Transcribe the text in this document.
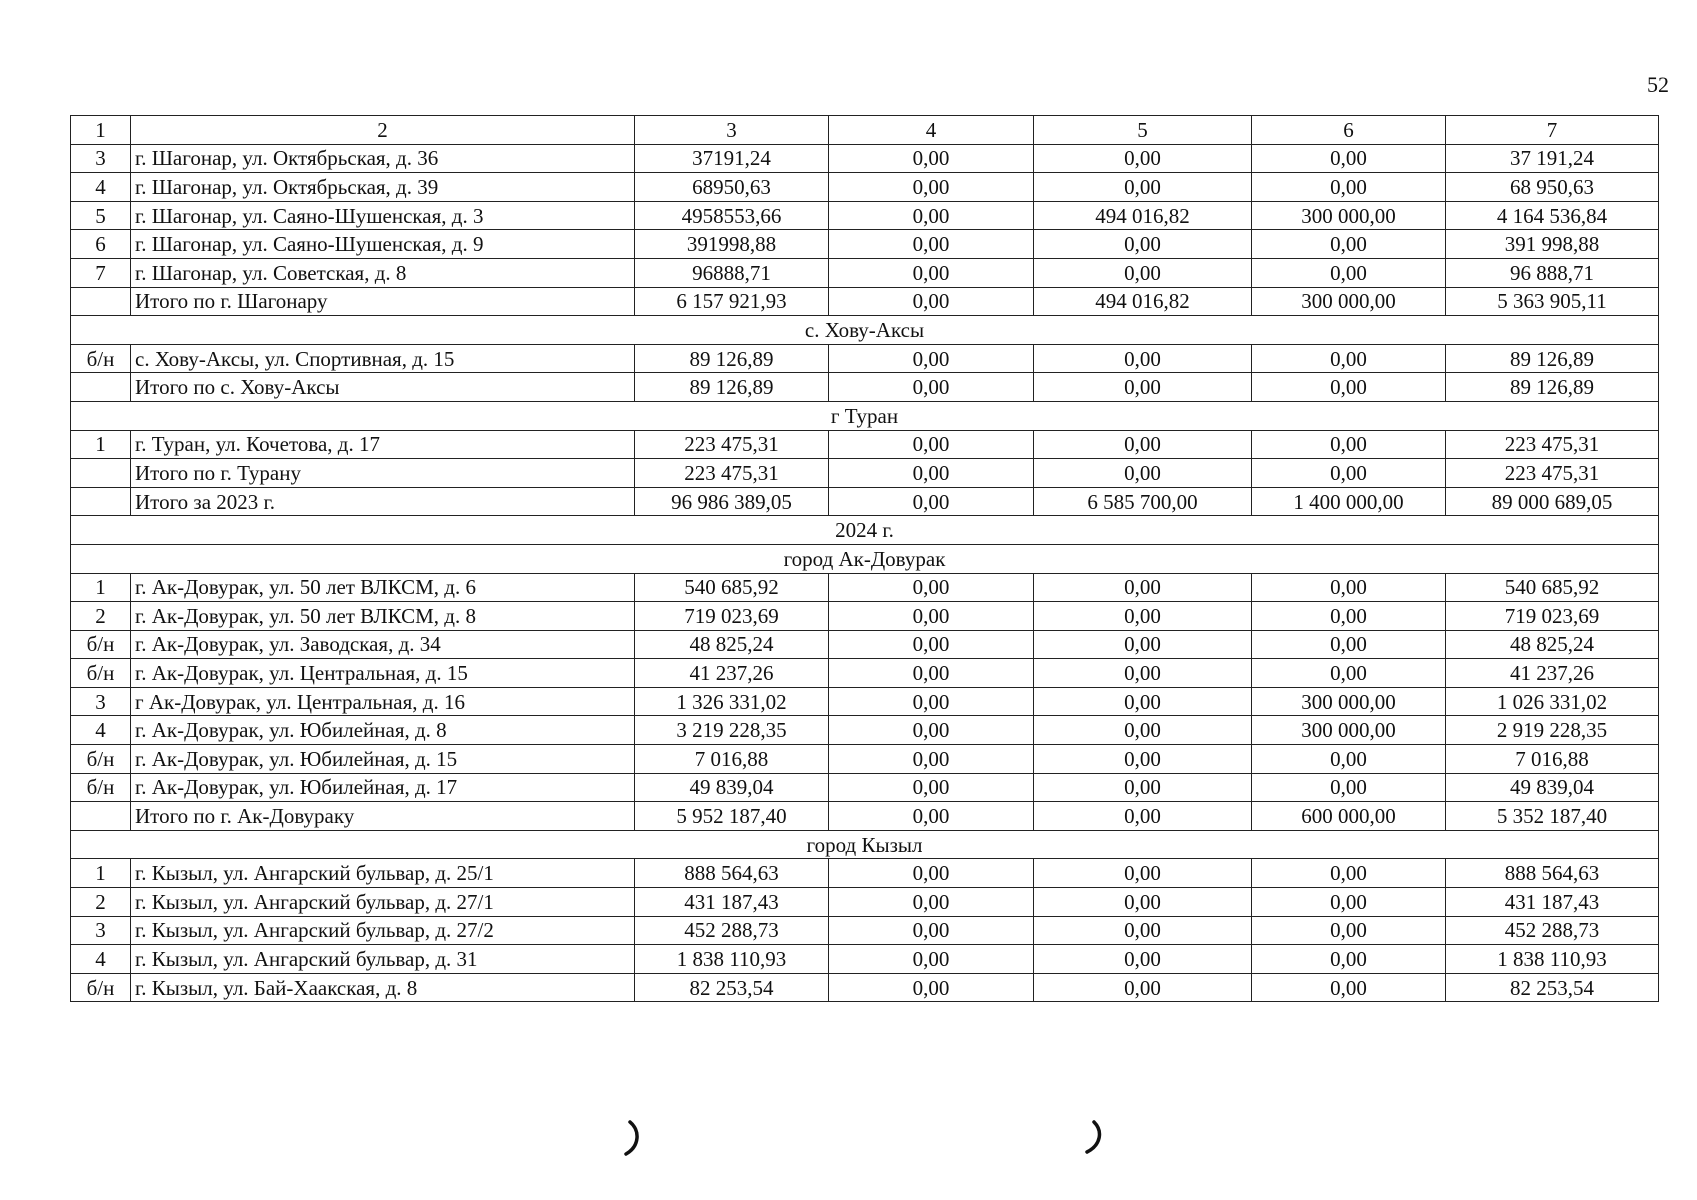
52
1	2	3	4	5	6	7
3	г. Шагонар, ул. Октябрьская, д. 36	37191,24	0,00	0,00	0,00	37 191,24
4	г. Шагонар, ул. Октябрьская, д. 39	68950,63	0,00	0,00	0,00	68 950,63
5	г. Шагонар, ул. Саяно-Шушенская, д. 3	4958553,66	0,00	494 016,82	300 000,00	4 164 536,84
6	г. Шагонар, ул. Саяно-Шушенская, д. 9	391998,88	0,00	0,00	0,00	391 998,88
7	г. Шагонар, ул. Советская, д. 8	96888,71	0,00	0,00	0,00	96 888,71
	Итого по г. Шагонару	6 157 921,93	0,00	494 016,82	300 000,00	5 363 905,11
с. Хову-Аксы						
б/н	с. Хову-Аксы, ул. Спортивная, д. 15	89 126,89	0,00	0,00	0,00	89 126,89
	Итого по с. Хову-Аксы	89 126,89	0,00	0,00	0,00	89 126,89
г Туран						
1	г. Туран, ул. Кочетова, д. 17	223 475,31	0,00	0,00	0,00	223 475,31
	Итого по г. Турану	223 475,31	0,00	0,00	0,00	223 475,31
	Итого за 2023 г.	96 986 389,05	0,00	6 585 700,00	1 400 000,00	89 000 689,05
2024 г.						
город Ак-Довурак						
1	г. Ак-Довурак, ул. 50 лет ВЛКСМ, д. 6	540 685,92	0,00	0,00	0,00	540 685,92
2	г. Ак-Довурак, ул. 50 лет ВЛКСМ, д. 8	719 023,69	0,00	0,00	0,00	719 023,69
б/н	г. Ак-Довурак, ул. Заводская, д. 34	48 825,24	0,00	0,00	0,00	48 825,24
б/н	г. Ак-Довурак, ул. Центральная, д. 15	41 237,26	0,00	0,00	0,00	41 237,26
3	г Ак-Довурак, ул. Центральная, д. 16	1 326 331,02	0,00	0,00	300 000,00	1 026 331,02
4	г. Ак-Довурак, ул. Юбилейная, д. 8	3 219 228,35	0,00	0,00	300 000,00	2 919 228,35
б/н	г. Ак-Довурак, ул. Юбилейная, д. 15	7 016,88	0,00	0,00	0,00	7 016,88
б/н	г. Ак-Довурак, ул. Юбилейная, д. 17	49 839,04	0,00	0,00	0,00	49 839,04
	Итого по г. Ак-Довураку	5 952 187,40	0,00	0,00	600 000,00	5 352 187,40
город Кызыл						
1	г. Кызыл, ул. Ангарский бульвар, д. 25/1	888 564,63	0,00	0,00	0,00	888 564,63
2	г. Кызыл, ул. Ангарский бульвар, д. 27/1	431 187,43	0,00	0,00	0,00	431 187,43
3	г. Кызыл, ул. Ангарский бульвар, д. 27/2	452 288,73	0,00	0,00	0,00	452 288,73
4	г. Кызыл, ул. Ангарский бульвар, д. 31	1 838 110,93	0,00	0,00	0,00	1 838 110,93
б/н	г. Кызыл, ул. Бай-Хаакская, д. 8	82 253,54	0,00	0,00	0,00	82 253,54
